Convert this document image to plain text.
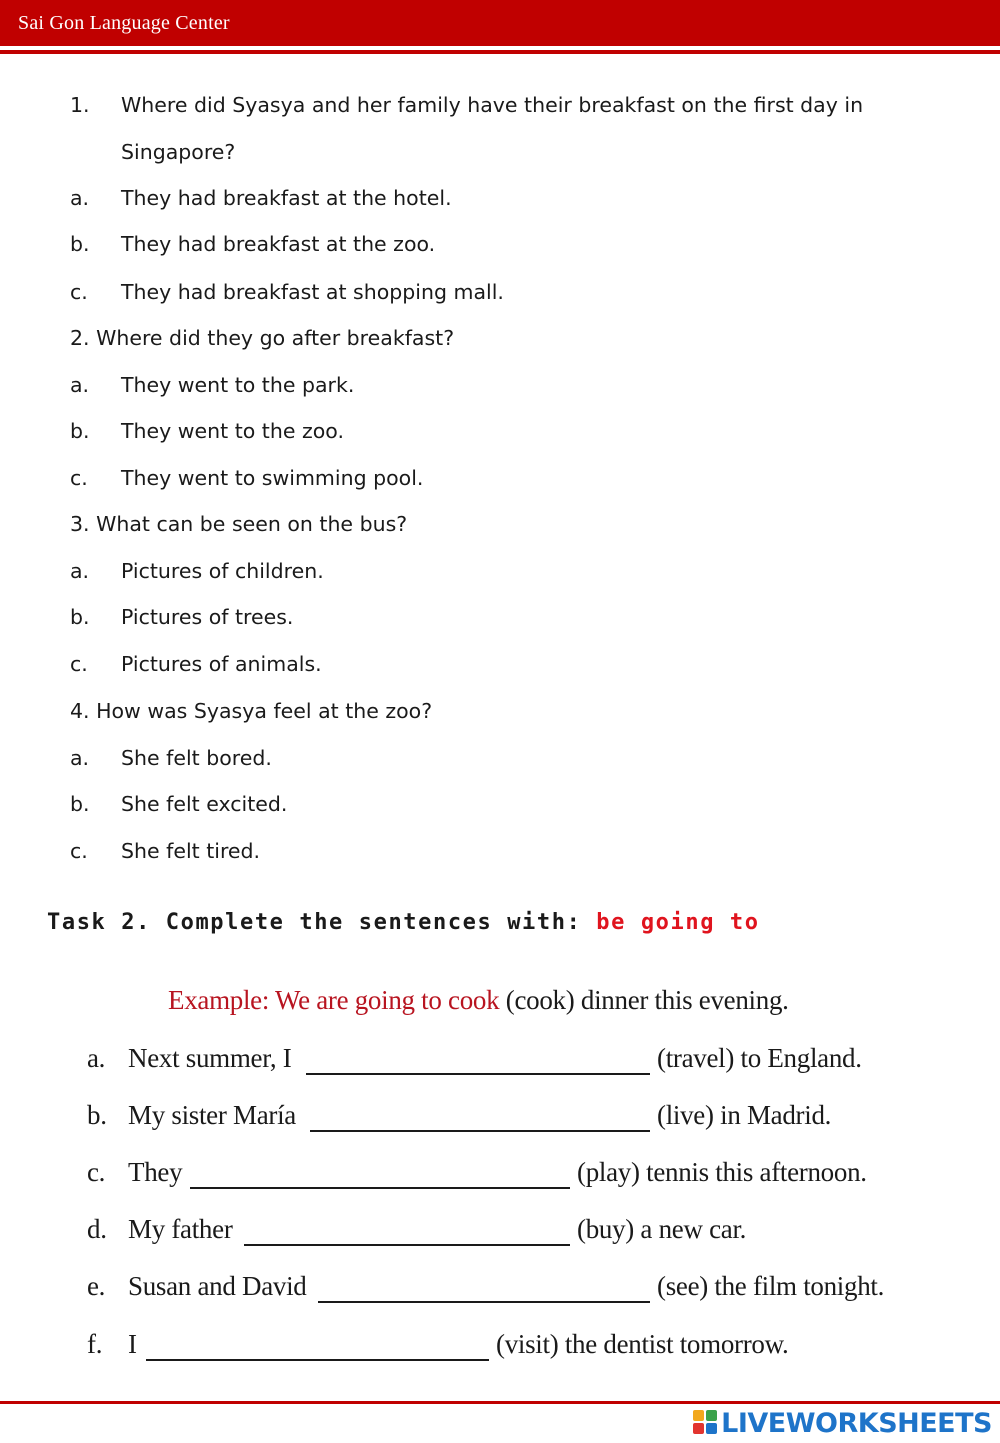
Sai Gon Language Center
1. Where did Syasya and her family have their breakfast on the first day in
Singapore?
a. They had breakfast at the hotel.
b. They had breakfast at the zoo.
c. They had breakfast at shopping mall.
2. Where did they go after breakfast?
a. They went to the park.
b. They went to the zoo.
c. They went to swimming pool.
3. What can be seen on the bus?
a. Pictures of children.
b. Pictures of trees.
c. Pictures of animals.
4. How was Syasya feel at the zoo?
a. She felt bored.
b. She felt excited.
c. She felt tired.
Task 2. Complete the sentences with: be going to
Example: We are going to cook (cook) dinner this evening.
a. Next summer, I	(travel) to England.
b. My sister María	(live) in Madrid.
c. They	(play) tennis this afternoon.
d. My father	(buy) a new car.
e. Susan and David	(see) the film tonight.
f. I	(visit) the dentist tomorrow.
LIVEWORKSHEETS
